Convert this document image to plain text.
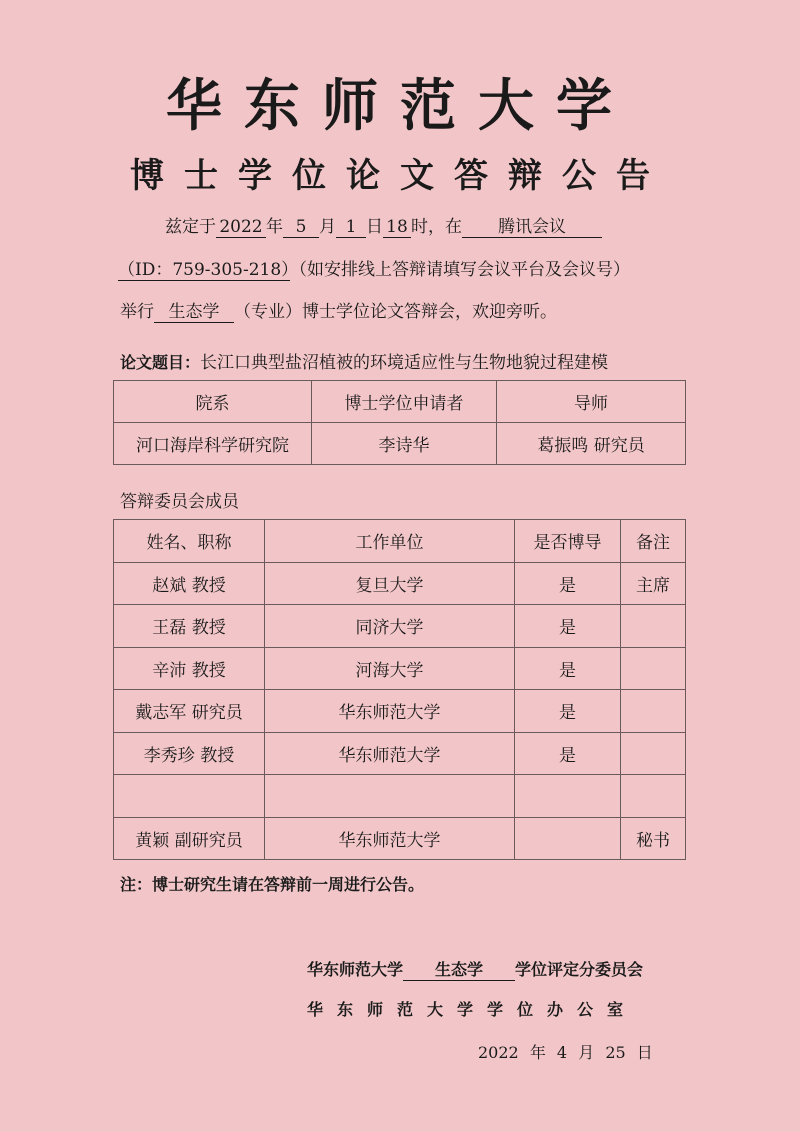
华东师范大学
博士学位论文答辩公告
兹定于 2022 年 5 月 1 日 18 时，在 腾讯会议
（ID：759-305-218）（如安排线上答辩请填写会议平台及会议号）
举行 生态学 （专业）博士学位论文答辩会，欢迎旁听。
论文题目：长江口典型盐沼植被的环境适应性与生物地貌过程建模
院系	博士学位申请者	导师
河口海岸科学研究院	李诗华	葛振鸣 研究员
答辩委员会成员
姓名、职称	工作单位	是否博导	备注
赵斌 教授	复旦大学	是	主席
王磊 教授	同济大学	是	
辛沛 教授	河海大学	是	
戴志军 研究员	华东师范大学	是	
李秀珍 教授	华东师范大学	是	

黄颖 副研究员	华东师范大学		秘书
注：博士研究生请在答辩前一周进行公告。
华东师范大学 生态学 学位评定分委员会
华东师范大学学位办公室
2022 年 4 月 25 日
